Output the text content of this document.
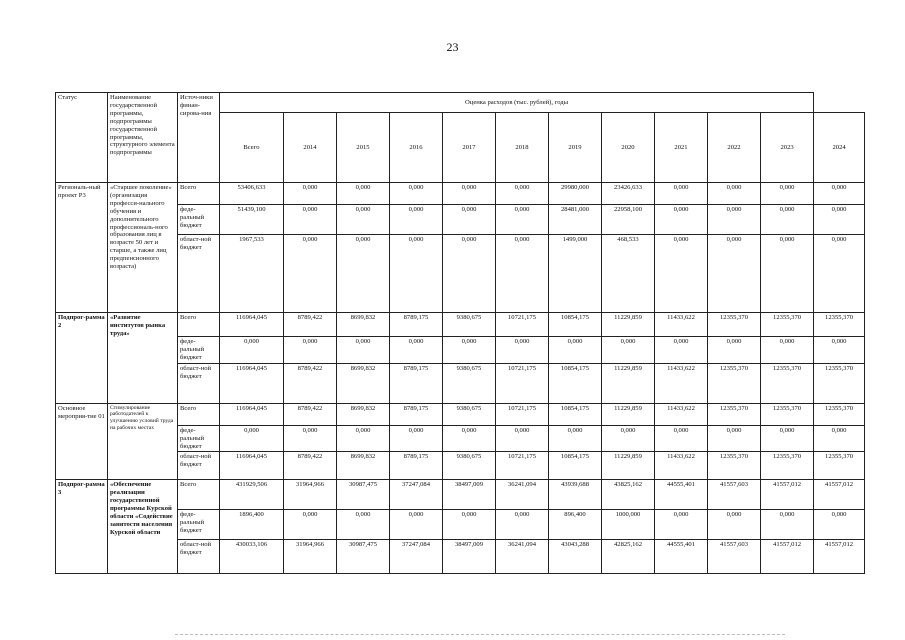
23
Статус	Наименование государственной программы, подпрограммы государственной программы, структурного элемента подпрограммы	Источ-ники финан-сирова-ния	Оценка расходов (тыс. рублей), годы											
			Всего	2014	2015	2016	2017	2018	2019	2020	2021	2022	2023	2024
Региональ-ный проект Р3	«Старшее поколение» (организация професси-нального обучения и дополнительного профессиональ-ного образования лиц в возрасте 50 лет и старше, а также лиц предпенсионного возраста)	Всего	53406,633	0,000	0,000	0,000	0,000	0,000	29980,000	23426,633	0,000	0,000	0,000	0,000
		феде-ральный бюджет	51439,100	0,000	0,000	0,000	0,000	0,000	28481,000	22958,100	0,000	0,000	0,000	0,000
		област-ной бюджет	1967,533	0,000	0,000	0,000	0,000	0,000	1499,000	468,533	0,000	0,000	0,000	0,000
Подпрог-рамма 2	«Развитие институтов рынка труда»	Всего	116964,045	8789,422	8699,832	8789,175	9380,675	10721,175	10854,175	11229,859	11433,622	12355,370	12355,370	12355,370
		феде-ральный бюджет	0,000	0,000	0,000	0,000	0,000	0,000	0,000	0,000	0,000	0,000	0,000	0,000
		област-ной бюджет	116964,045	8789,422	8699,832	8789,175	9380,675	10721,175	10854,175	11229,859	11433,622	12355,370	12355,370	12355,370
Основное мероприя-тие 01	Стимулирование работодателей к улучшению условий труда на рабочих местах	Всего	116964,045	8789,422	8699,832	8789,175	9380,675	10721,175	10854,175	11229,859	11433,622	12355,370	12355,370	12355,370
		феде-ральный бюджет	0,000	0,000	0,000	0,000	0,000	0,000	0,000	0,000	0,000	0,000	0,000	0,000
		област-ной бюджет	116964,045	8789,422	8699,832	8789,175	9380,675	10721,175	10854,175	11229,859	11433,622	12355,370	12355,370	12355,370
Подпрог-рамма 3	«Обеспечение реализации государственной программы Курской области «Содействие занятости населения Курской области	Всего	431929,506	31964,966	30987,475	37247,084	38497,009	36241,094	43939,688	43825,162	44555,401	41557,603	41557,012	41557,012
		феде-ральный бюджет	1896,400	0,000	0,000	0,000	0,000	0,000	896,400	1000,000	0,000	0,000	0,000	0,000
		област-ной бюджет	430033,106	31964,966	30987,475	37247,084	38497,009	36241,094	43043,288	42825,162	44555,401	41557,603	41557,012	41557,012
